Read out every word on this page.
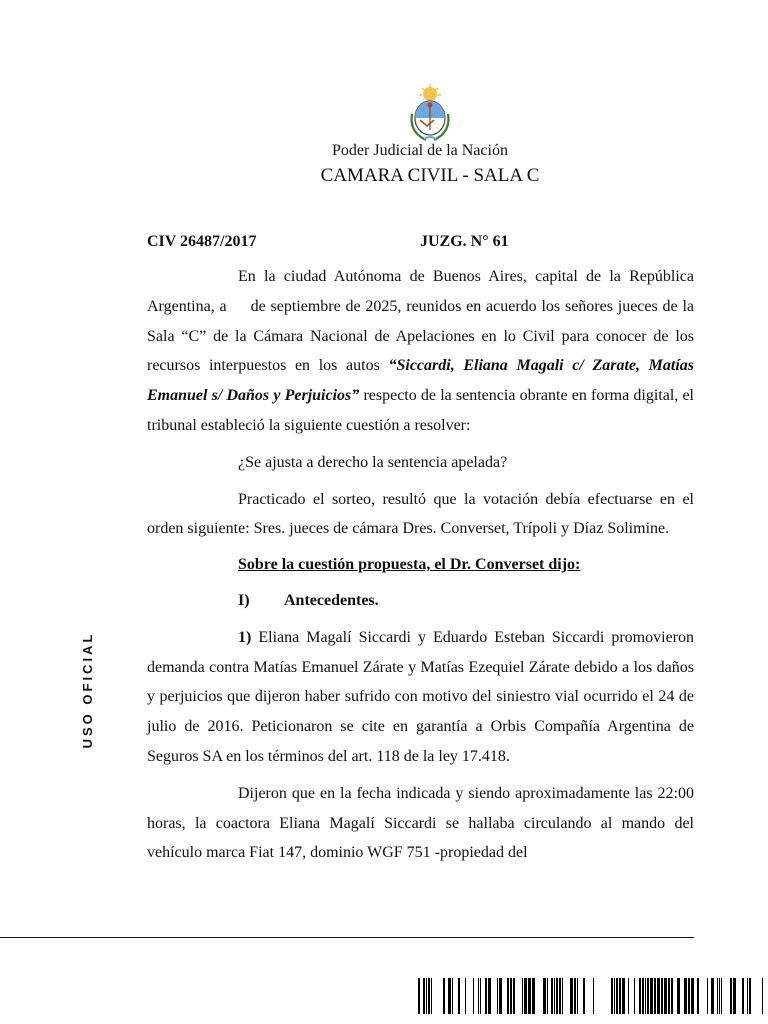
Poder Judicial de la Nación
CAMARA CIVIL - SALA C
CIV 26487/2017	JUZG. N° 61

En la ciudad Autónoma de Buenos Aires, capital de la República Argentina, a     de septiembre de 2025, reunidos en acuerdo los señores jueces de la Sala “C” de la Cámara Nacional de Apelaciones en lo Civil para conocer de los recursos interpuestos en los autos “Siccardi, Eliana Magali c/ Zarate, Matías Emanuel s/ Daños y Perjuicios” respecto de la sentencia obrante en forma digital, el tribunal estableció la siguiente cuestión a resolver:

¿Se ajusta a derecho la sentencia apelada?

Practicado el sorteo, resultó que la votación debía efectuarse en el orden siguiente: Sres. jueces de cámara Dres. Converset, Trípoli y Díaz Solimine.

Sobre la cuestión propuesta, el Dr. Converset dijo:
I) Antecedentes.

1) Eliana Magalí Siccardi y Eduardo Esteban Siccardi promovieron demanda contra Matías Emanuel Zárate y Matías Ezequiel Zárate debido a los daños y perjuicios que dijeron haber sufrido con motivo del siniestro vial ocurrido el 24 de julio de 2016. Peticionaron se cite en garantía a Orbis Compañía Argentina de Seguros SA en los términos del art. 118 de la ley 17.418.

Dijeron que en la fecha indicada y siendo aproximadamente las 22:00 horas, la coactora Eliana Magalí Siccardi se hallaba circulando al mando del vehículo marca Fiat 147, dominio WGF 751 -propiedad del

USO OFICIAL
